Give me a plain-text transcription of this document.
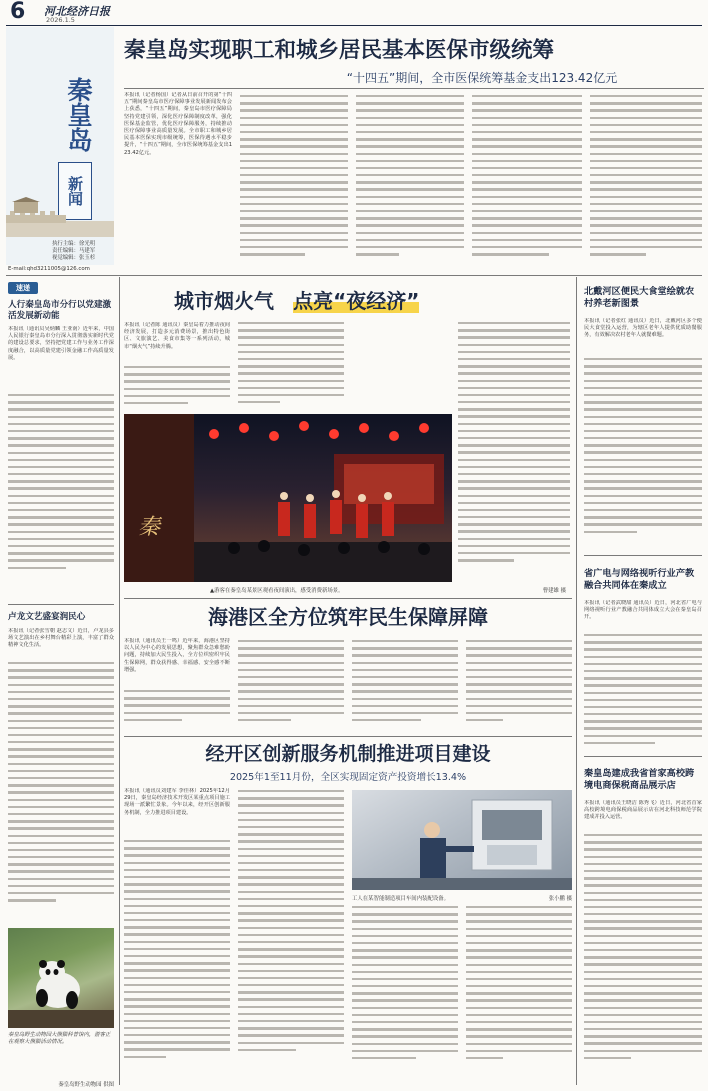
6 河北经济日报
2026.1.5
秦皇岛
新闻
执行主编：徐光明
责任编辑：马建军
视觉编辑：张玉杉
E-mail:qhd3211005@126.com
秦皇岛实现职工和城乡居民基本医保市级统筹
“十四五”期间，全市医保统筹基金支出123.42亿元
本报讯（记者杨国）记者从日前召开的第“十四五”期间秦皇岛市医疗保障事业发展新闻发布会上获悉，“十四五”期间，秦皇岛市医疗保障局坚持党建引领，深化医疗保障制度改革，强化医保基金监管，优化医疗保障服务，持续推动医疗保障事业高质量发展。全市职工和城乡居民基本医保实现市级统筹，医保待遇水平稳步提升，“十四五”期间，全市医保统筹基金支出123.42亿元。
速递
人行秦皇岛市分行以党建激活发展新动能
本报讯（通讯员吴炳麟 王亚南）近年来，中国人民银行秦皇岛市分行深入贯彻落实新时代党的建设总要求，坚持把党建工作与业务工作深度融合，以高质量党建引领金融工作高质量发展。
卢龙文艺盛宴润民心
本报讯（记者张雪朝 赵志文）近日，卢龙县多场文艺演出在乡村舞台精彩上演，丰富了群众精神文化生活。
秦皇岛野生动物园大熊猫科普馆内，游客正在观察大熊猫活动情况。
秦皇岛野生动物园 供图
城市烟火气 点亮“夜经济”
本报讯（记者陈 通讯员）秦皇岛着力推动夜间经济发展，打造多元消费场景，推出特色街区、文旅演艺、美食市集等一系列活动，城市“烟火气”持续升腾。
秦
▲游客在秦皇岛某景区观看夜间演出，感受消费新场景。	曹建雄 摄
北戴河区便民大食堂绘就农村养老新图景
本报讯（记者张红 通讯员）近日，北戴河区多个便民大食堂投入运营，为辖区老年人提供优质助餐服务，有效解决农村老年人就餐难题。
省广电与网络视听行业产教融合共同体在秦成立
本报讯（记者武晓甜 通讯员）近日，河北省广电与网络视听行业产教融合共同体成立大会在秦皇岛召开。
秦皇岛建成我省首家高校跨境电商保税商品展示店
本报讯（通讯员王晓洁 陈秀飞）近日，河北省首家高校跨境电商保税商品展示店在河北科技师范学院建成并投入运营。
海港区全方位筑牢民生保障屏障
本报讯（通讯员王一鸣）近年来，海港区坚持以人民为中心的发展思想，聚焦群众急难愁盼问题，持续加大民生投入，全方位织密织牢民生保障网，群众获得感、幸福感、安全感不断增强。
经开区创新服务机制推进项目建设
2025年1至11月份，全区实现固定资产投资增长13.4%
本报讯（通讯员刘建军 李佳林）2025年12月29日，秦皇岛经济技术开发区某重点项目施工现场一派繁忙景象。今年以来，经开区创新服务机制，全力推进项目建设。
工人在某智能制造项目车间内装配设备。	张小鹏 摄
